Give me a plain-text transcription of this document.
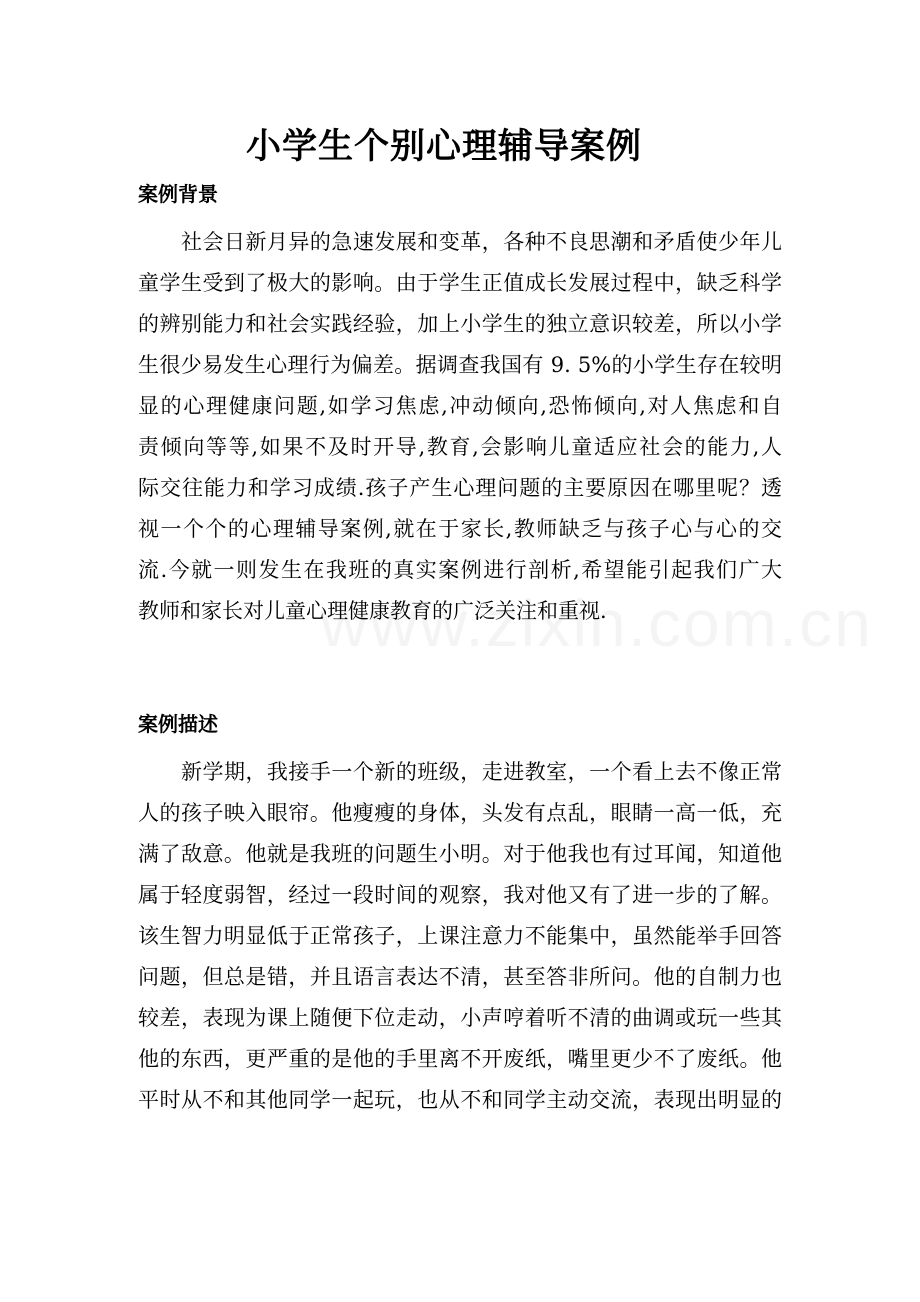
小学生个别心理辅导案例
案例背景
社会日新月异的急速发展和变革，各种不良思潮和矛盾使少年儿
童学生受到了极大的影响。由于学生正值成长发展过程中，缺乏科学
的辨别能力和社会实践经验，加上小学生的独立意识较差，所以小学
生很少易发生心理行为偏差。据调查我国有 9. 5%的小学生存在较明
显的心理健康问题,如学习焦虑,冲动倾向,恐怖倾向,对人焦虑和自
责倾向等等,如果不及时开导,教育,会影响儿童适应社会的能力,人
际交往能力和学习成绩.孩子产生心理问题的主要原因在哪里呢？透
视一个个的心理辅导案例,就在于家长,教师缺乏与孩子心与心的交
流.今就一则发生在我班的真实案例进行剖析,希望能引起我们广大
教师和家长对儿童心理健康教育的广泛关注和重视.
案例描述
新学期，我接手一个新的班级，走进教室，一个看上去不像正常
人的孩子映入眼帘。他瘦瘦的身体，头发有点乱，眼睛一高一低，充
满了敌意。他就是我班的问题生小明。对于他我也有过耳闻，知道他
属于轻度弱智，经过一段时间的观察，我对他又有了进一步的了解。
该生智力明显低于正常孩子，上课注意力不能集中，虽然能举手回答
问题，但总是错，并且语言表达不清，甚至答非所问。他的自制力也
较差，表现为课上随便下位走动，小声哼着听不清的曲调或玩一些其
他的东西，更严重的是他的手里离不开废纸，嘴里更少不了废纸。他
平时从不和其他同学一起玩，也从不和同学主动交流，表现出明显的
